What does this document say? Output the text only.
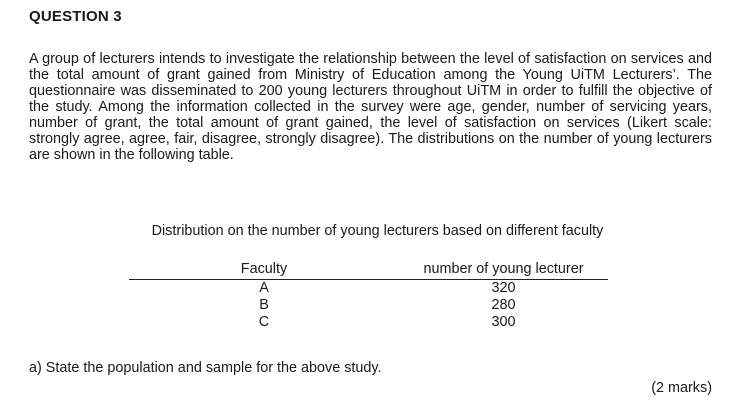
QUESTION 3
A group of lecturers intends to investigate the relationship between the level of satisfaction on services and the total amount of grant gained from Ministry of Education among the Young UiTM Lecturers’. The questionnaire was disseminated to 200 young lecturers throughout UiTM in order to fulfill the objective of the study. Among the information collected in the survey were age, gender, number of servicing years, number of grant, the total amount of grant gained, the level of satisfaction on services (Likert scale: strongly agree, agree, fair, disagree, strongly disagree). The distributions on the number of young lecturers are shown in the following table.
Distribution on the number of young lecturers based on different faculty
Faculty	number of young lecturer
A	320
B	280
C	300
a) State the population and sample for the above study.
(2 marks)
